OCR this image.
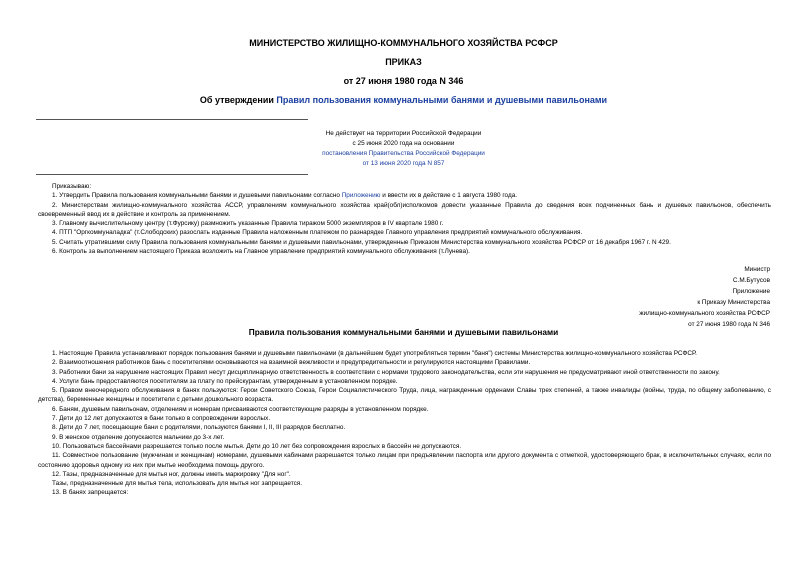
МИНИСТЕРСТВО ЖИЛИЩНО-КОММУНАЛЬНОГО ХОЗЯЙСТВА РСФСР
ПРИКАЗ
от 27 июня 1980 года N 346
Об утверждении Правил пользования коммунальными банями и душевыми павильонами
Не действует на территории Российской Федерации
с 25 июня 2020 года на основании
постановления Правительства Российской Федерации
от 13 июня 2020 года N 857

Приказываю:

1. Утвердить Правила пользования коммунальными банями и душевыми павильонами согласно Приложению и ввести их в действие с 1 августа 1980 года.

2. Министерствам жилищно-коммунального хозяйства АССР, управлениям коммунального хозяйства край(обл)исполкомов довести указанные Правила до сведения всех подчиненных бань и душевых павильонов, обеспечить своевременный ввод их в действие и контроль за применением.

3. Главному вычислительному центру (т.Фурсику) размножить указанные Правила тиражом 5000 экземпляров в IV квартале 1980 г.

4. ПТП "Оргкоммуналадка" (т.Слободских) разослать изданные Правила наложенным платежом по разнарядке Главного управления предприятий коммунального обслуживания.

5. Считать утратившими силу Правила пользования коммунальными банями и душевыми павильонами, утвержденные Приказом Министерства коммунального хозяйства РСФСР от 16 декабря 1967 г. N 429.

6. Контроль за выполнением настоящего Приказа возложить на Главное управление предприятий коммунального обслуживания (т.Лунева).

Министр
С.М.Бутусов
Приложение
к Приказу Министерства
жилищно-коммунального хозяйства РСФСР
от 27 июня 1980 года N 346
Правила пользования коммунальными банями и душевыми павильонами

1. Настоящие Правила устанавливают порядок пользования банями и душевыми павильонами (в дальнейшем будет употребляться термин "баня") системы Министерства жилищно-коммунального хозяйства РСФСР.

2. Взаимоотношения работников бань с посетителями основываются на взаимной вежливости и предупредительности и регулируются настоящими Правилами.

3. Работники бани за нарушение настоящих Правил несут дисциплинарную ответственность в соответствии с нормами трудового законодательства, если эти нарушения не предусматривают иной ответственности по закону.

4. Услуги бань предоставляются посетителям за плату по прейскурантам, утвержденным в установленном порядке.

5. Правом внеочередного обслуживания в банях пользуются: Герои Советского Союза, Герои Социалистического Труда, лица, награжденные орденами Славы трех степеней, а также инвалиды (войны, труда, по общему заболеванию, с детства), беременные женщины и посетители с детьми дошкольного возраста.

6. Баням, душевым павильонам, отделениям и номерам присваиваются соответствующие разряды в установленном порядке.

7. Дети до 12 лет допускаются в бани только в сопровождении взрослых.

8. Дети до 7 лет, посещающие бани с родителями, пользуются банями I, II, III разрядов бесплатно.

9. В женское отделение допускаются мальчики до 3-х лет.

10. Пользоваться бассейнами разрешается только после мытья. Дети до 10 лет без сопровождения взрослых в бассейн не допускаются.

11. Совместное пользование (мужчинам и женщинам) номерами, душевыми кабинами разрешается только лицам при предъявлении паспорта или другого документа с отметкой, удостоверяющего брак, в исключительных случаях, если по состоянию здоровья одному из них при мытье необходима помощь другого.

12. Тазы, предназначенные для мытья ног, должны иметь маркировку "Для ног".

Тазы, предназначенные для мытья тела, использовать для мытья ног запрещается.

13. В банях запрещается:
